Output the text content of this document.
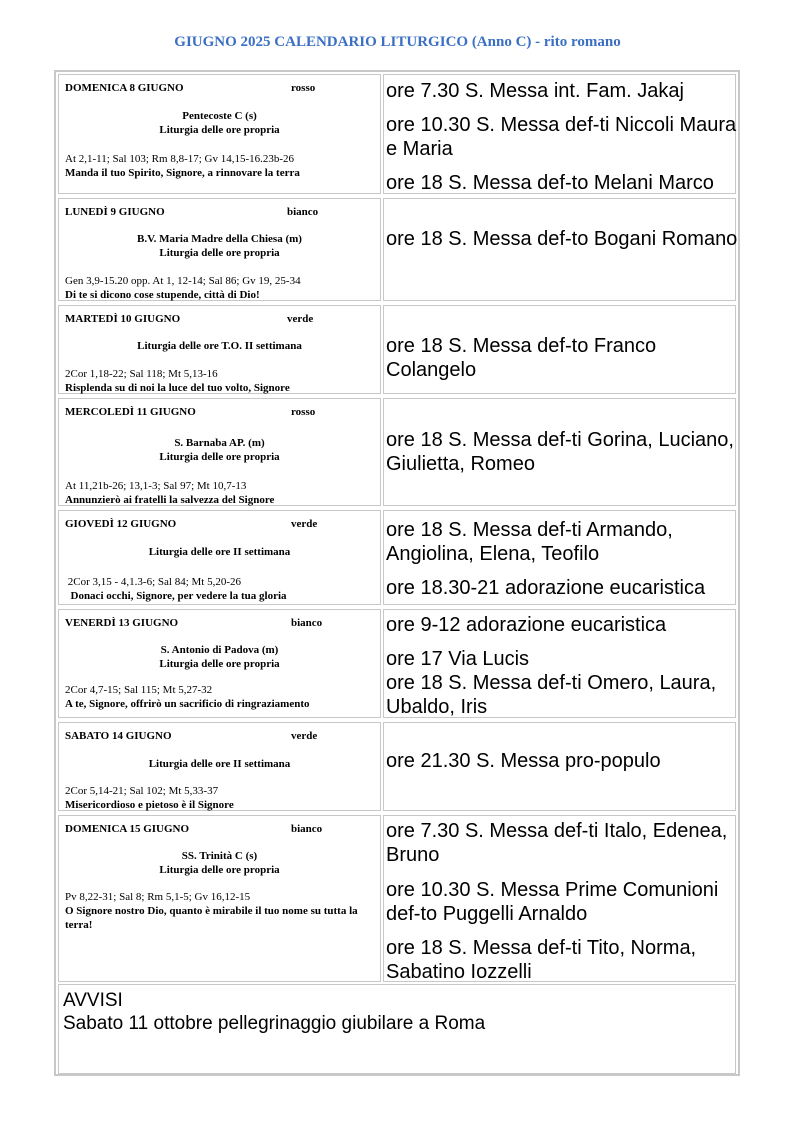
GIUGNO 2025 CALENDARIO LITURGICO (Anno C) - rito romano
DOMENICA 8 GIUGNO	rosso
Pentecoste C (s)
Liturgia delle ore propria
At 2,1-11; Sal 103; Rm 8,8-17; Gv 14,15-16.23b-26
Manda il tuo Spirito, Signore, a rinnovare la terra
ore 7.30 S. Messa int. Fam. Jakaj
ore 10.30 S. Messa def-ti Niccoli Maura e Maria
ore 18 S. Messa def-to Melani Marco
LUNEDÌ 9 GIUGNO	bianco
B.V. Maria Madre della Chiesa (m)
Liturgia delle ore propria
Gen 3,9-15.20 opp. At 1, 12-14; Sal 86; Gv 19, 25-34
Di te si dicono cose stupende, città di Dio!
ore 18 S. Messa def-to Bogani Romano
MARTEDÌ 10 GIUGNO	verde
Liturgia delle ore T.O. II settimana
2Cor 1,18-22; Sal 118; Mt 5,13-16
Risplenda su di noi la luce del tuo volto, Signore
ore 18 S. Messa def-to Franco Colangelo
MERCOLEDÌ 11 GIUGNO	rosso
S. Barnaba AP. (m)
Liturgia delle ore propria
At 11,21b-26; 13,1-3; Sal 97; Mt 10,7-13
Annunzierò ai fratelli la salvezza del Signore
ore 18 S. Messa def-ti Gorina, Luciano, Giulietta, Romeo
GIOVEDÌ 12 GIUGNO	verde
Liturgia delle ore II settimana
2Cor 3,15 - 4,1.3-6; Sal 84; Mt 5,20-26
Donaci occhi, Signore, per vedere la tua gloria
ore 18 S. Messa def-ti Armando, Angiolina, Elena, Teofilo
ore 18.30-21 adorazione eucaristica
VENERDÌ 13 GIUGNO	bianco
S. Antonio di Padova (m)
Liturgia delle ore propria
2Cor 4,7-15; Sal 115; Mt 5,27-32
A te, Signore, offrirò un sacrificio di ringraziamento
ore 9-12 adorazione eucaristica
ore 17 Via Lucis
ore 18 S. Messa def-ti Omero, Laura, Ubaldo, Iris
SABATO 14 GIUGNO	verde
Liturgia delle ore II settimana
2Cor 5,14-21; Sal 102; Mt 5,33-37
Misericordioso e pietoso è il Signore
ore 21.30 S. Messa pro-populo
DOMENICA 15 GIUGNO	bianco
SS. Trinità C (s)
Liturgia delle ore propria
Pv 8,22-31; Sal 8; Rm 5,1-5; Gv 16,12-15
O Signore nostro Dio, quanto è mirabile il tuo nome su tutta la terra!
ore 7.30 S. Messa def-ti Italo, Edenea, Bruno
ore 10.30 S. Messa Prime Comunioni def-to Puggelli Arnaldo
ore 18 S. Messa def-ti Tito, Norma, Sabatino Iozzelli
AVVISI
Sabato 11 ottobre pellegrinaggio giubilare a Roma
